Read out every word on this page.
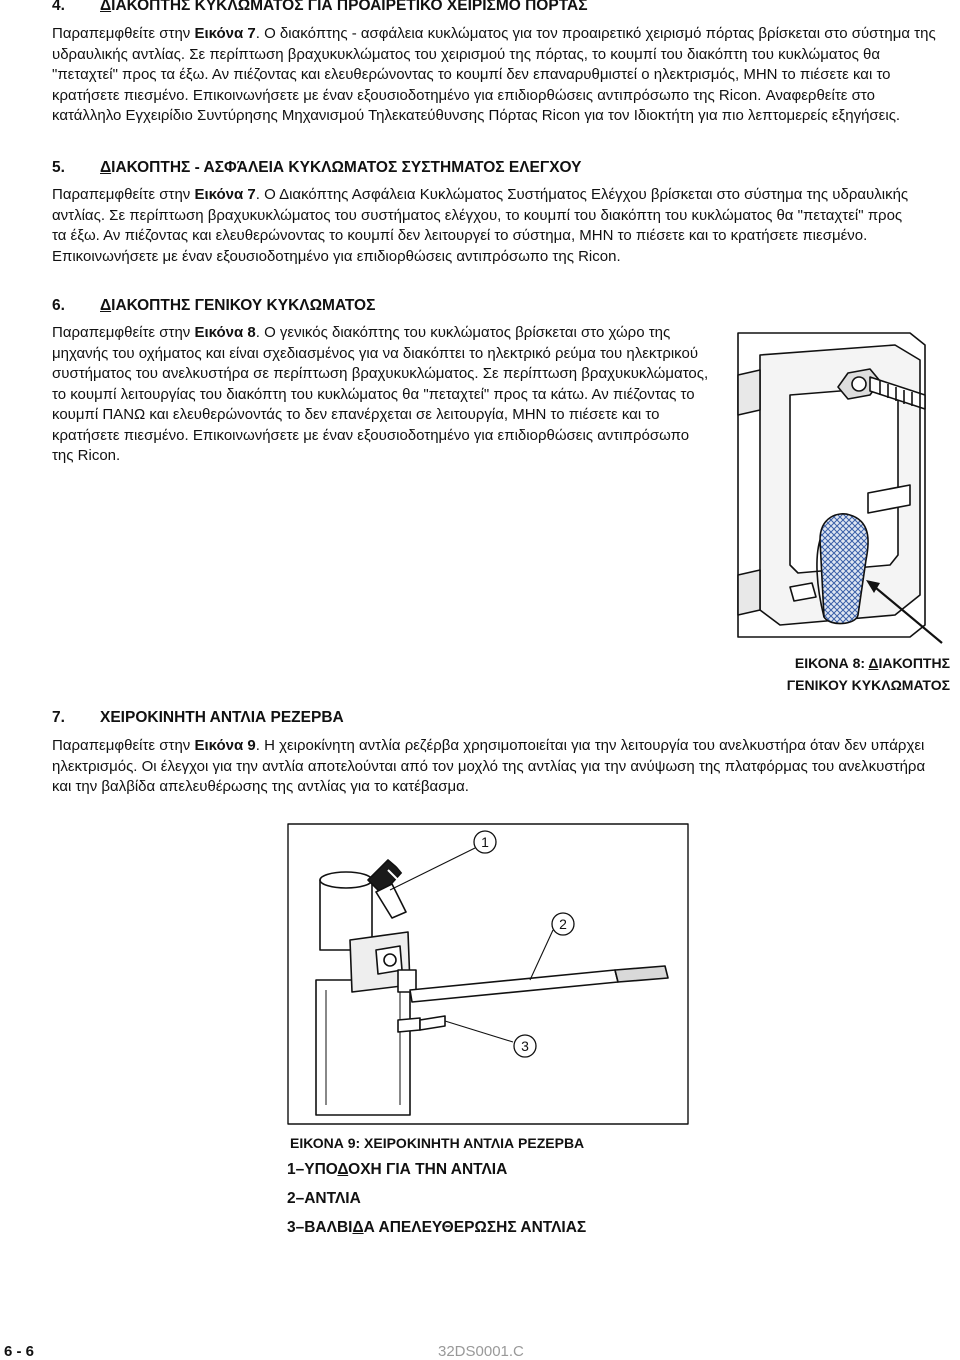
4. ΔΙΑΚΟΠΤΗΣ ΚΥΚΛΩΜΑΤΟΣ ΓΙΑ ΠΡΟΑΙΡΕΤΙΚΟ ΧΕΙΡΙΣΜΟ ΠΟΡΤΑΣ
Παραπεμφθείτε στην Εικόνα 7. Ο διακόπτης - ασφάλεια κυκλώματος για τον προαιρετικό χειρισμό πόρτας βρίσκεται στο σύστημα της υδραυλικής αντλίας. Σε περίπτωση βραχυκυκλώματος του χειρισμού της πόρτας, το κουμπί του διακόπτη του κυκλώματος θα "πεταχτεί" προς τα έξω. Αν πιέζοντας και ελευθερώνοντας το κουμπί δεν επαναρυθμιστεί ο ηλεκτρισμός, ΜΗΝ το πιέσετε και το κρατήσετε πιεσμένο. Επικοινωνήσετε με έναν εξουσιοδοτημένο για επιδιορθώσεις αντιπρόσωπο της Ricon. Αναφερθείτε στο κατάλληλο Εγχειρίδιο Συντύρησης Μηχανισμού Τηλεκατεύθυνσης Πόρτας Ricon για τον Ιδιοκτήτη για πιο λεπτομερείς εξηγήσεις.
5. ΔΙΑΚΟΠΤΗΣ - ΑΣΦΆΛΕΙΑ ΚΥΚΛΩΜΑΤΟΣ ΣΥΣΤΗΜΑΤΟΣ ΕΛΕΓΧΟΥ
Παραπεμφθείτε στην Εικόνα 7. Ο Διακόπτης Ασφάλεια Κυκλώματος Συστήματος Ελέγχου βρίσκεται στο σύστημα της υδραυλικής αντλίας. Σε περίπτωση βραχυκυκλώματος του συστήματος ελέγχου, το κουμπί του διακόπτη του κυκλώματος θα "πεταχτεί" προς τα έξω. Αν πιέζοντας και ελευθερώνοντας το κουμπί δεν λειτουργεί το σύστημα, ΜΗΝ το πιέσετε και το κρατήσετε πιεσμένο. Επικοινωνήσετε με έναν εξουσιοδοτημένο για επιδιορθώσεις αντιπρόσωπο της Ricon.
6. ΔΙΑΚΟΠΤΗΣ ΓΕΝΙΚΟΥ ΚΥΚΛΩΜΑΤΟΣ
Παραπεμφθείτε στην Εικόνα 8. Ο γενικός διακόπτης του κυκλώματος βρίσκεται στο χώρο της μηχανής του οχήματος και είναι σχεδιασμένος για να διακόπτει το ηλεκτρικό ρεύμα του ηλεκτρικού συστήματος του ανελκυστήρα σε περίπτωση βραχυκυκλώματος. Σε περίπτωση βραχυκυκλώματος, το κουμπί λειτουργίας του διακόπτη του κυκλώματος θα "πεταχτεί" προς τα κάτω. Αν πιέζοντας το κουμπί ΠΑΝΩ και ελευθερώνοντάς το δεν επανέρχεται σε λειτουργία, ΜΗΝ το πιέσετε και το κρατήσετε πιεσμένο. Επικοινωνήσετε με έναν εξουσιοδοτημένο για επιδιορθώσεις αντιπρόσωπο της Ricon.
ΕΙΚΟΝΑ 8: ΔΙΑΚΟΠΤΗΣ
ΓΕΝΙΚΟΥ ΚΥΚΛΩΜΑΤΟΣ
7. ΧΕΙΡΟΚΙΝΗΤΗ ΑΝΤΛΙΑ ΡΕΖΕΡΒΑ
Παραπεμφθείτε στην Εικόνα 9. Η χειροκίνητη αντλία ρεζέρβα χρησιμοποιείται για την λειτουργία του ανελκυστήρα όταν δεν υπάρχει ηλεκτρισμός. Οι έλεγχοι για την αντλία αποτελούνται από τον μοχλό της αντλίας για την ανύψωση της πλατφόρμας του ανελκυστήρα και την βαλβίδα απελευθέρωσης της αντλίας για το κατέβασμα.
1
2
3
ΕΙΚΟΝΑ 9: ΧΕΙΡΟΚΙΝΗΤΗ ΑΝΤΛΙΑ ΡΕΖΕΡΒΑ
1–ΥΠΟΔΟΧΗ ΓΙΑ ΤΗΝ ΑΝΤΛΙΑ
2–ΑΝΤΛΙΑ
3–ΒΑΛΒΙΔΑ ΑΠΕΛΕΥΘΕΡΩΣΗΣ ΑΝΤΛΙΑΣ
6 - 6	32DS0001.C
